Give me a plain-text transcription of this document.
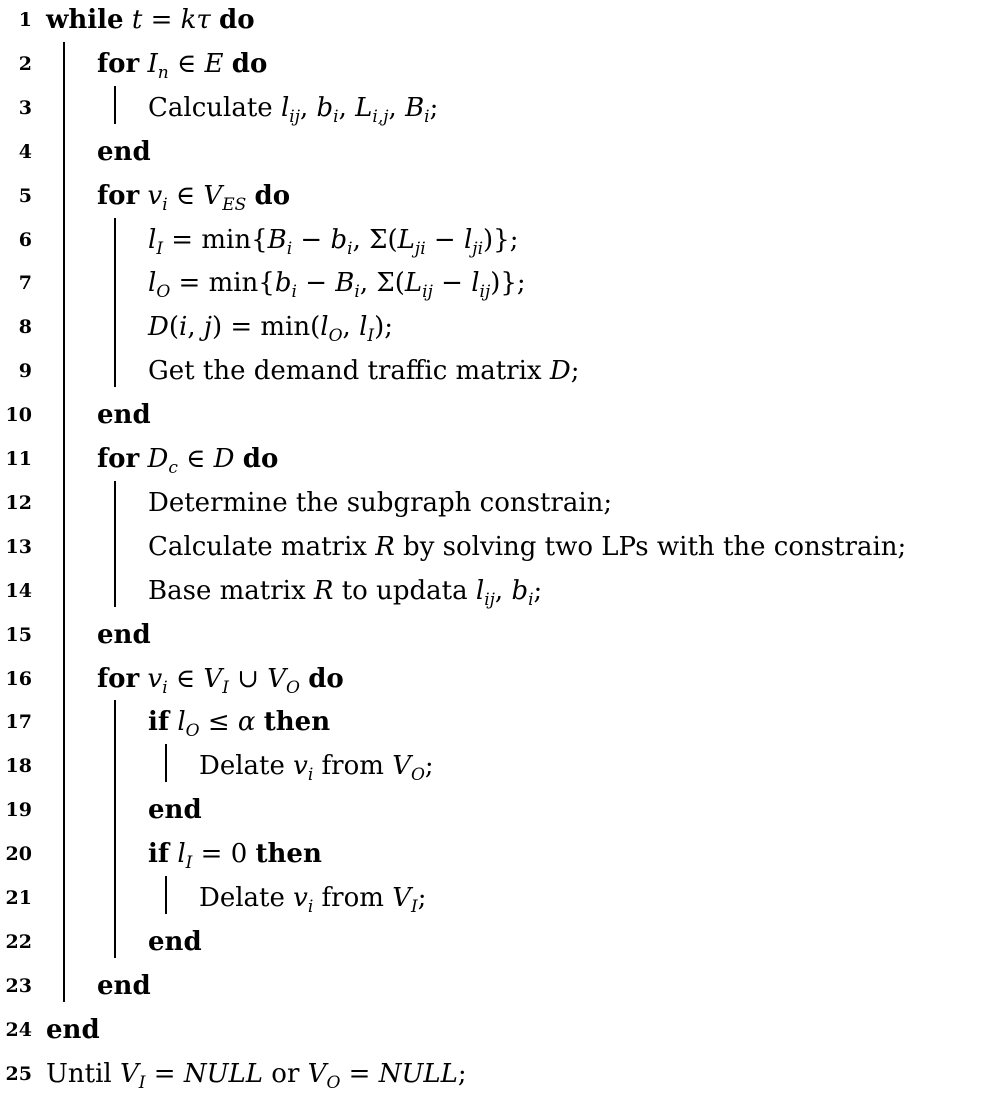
1 while t = kτ do
2	for $I_n$ ∈ E do
3	Calculate $l_{ij}$, $b_i$, $L_{i,j}$, $B_i$;
4	end
5	for $v_i$ ∈ $V_{ES}$ do
6	$l_I = \min\{B_i - b_i$, $\Sigma(L_{ji} - l_{ji})$};
7	$l_O = \min\{b_i - B_i$, $\Sigma(L_{ij} - l_{ij})$};
8	D(i, $j) = \min(l_O$, $l_I$);
9	Get the demand traffic matrix D;
10	end
11	for $D_c$ ∈ D do
12	Determine the subgraph constrain;
13	Calculate matrix R by solving two LPs with the constrain;
14	Base matrix R to updata $l_{ij}$, $b_i$;
15	end
16	for $v_i$ ∈ $V_I$ ∪ $V_O$ do
17	if $l_O \le \alpha$ then
18	Delate $v_i$ from $V_O$;
19	end
20	if $l_I = 0$ then
21	Delate $v_i$ from $V_I$;
22	end
23	end
24 end
25 Until $V_I$ = NULL or $V_O$ = NULL;
